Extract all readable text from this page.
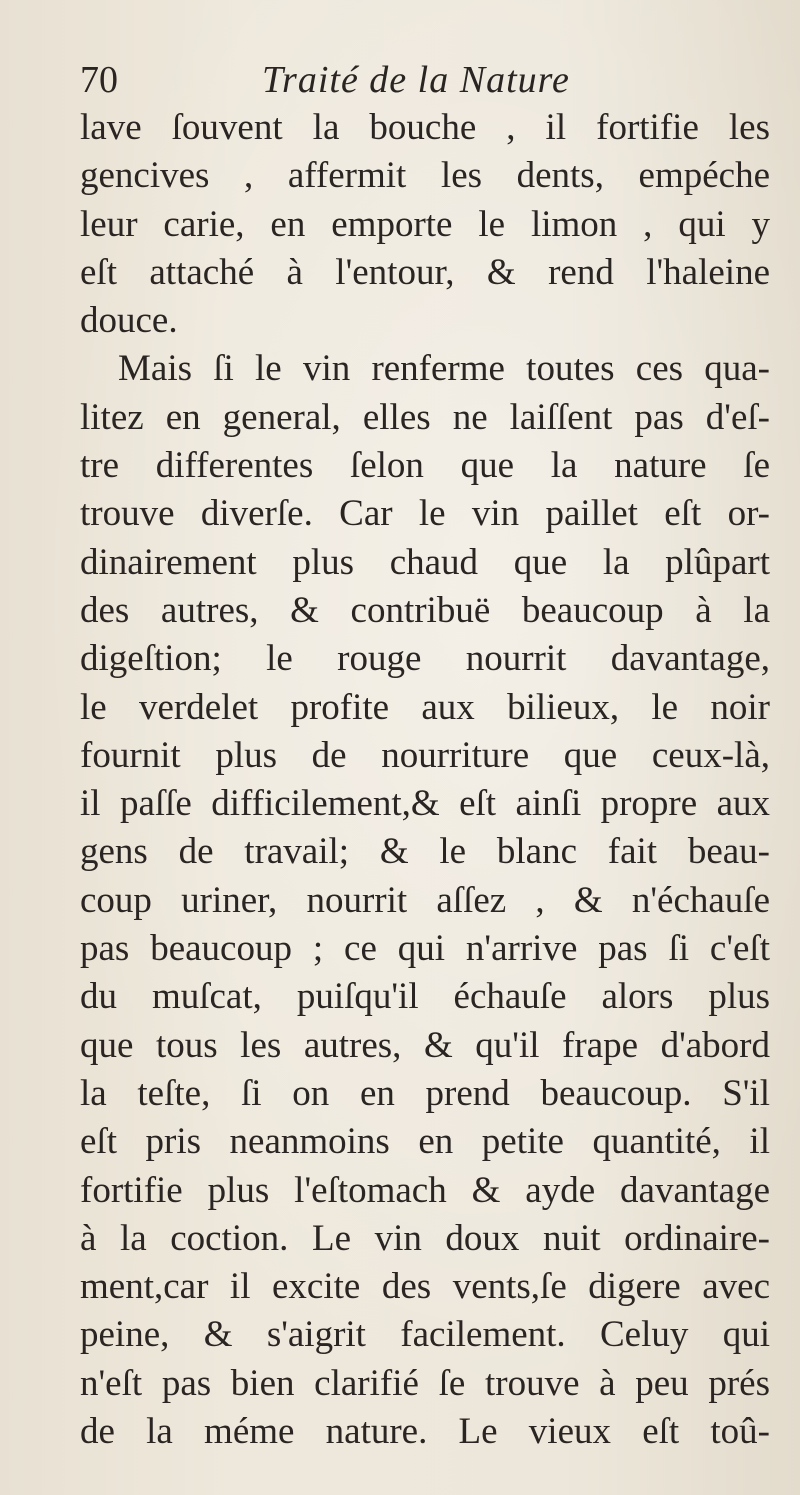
70	Traité de la Nature
lave ſouvent la bouche , il fortifie les
gencives , affermit les dents, empéche
leur carie, en emporte le limon , qui y
eſt attaché à l'entour, & rend l'haleine
douce.
Mais ſi le vin renferme toutes ces qua-
litez en general, elles ne laiſſent pas d'eſ-
tre differentes ſelon que la nature ſe
trouve diverſe. Car le vin paillet eſt or-
dinairement plus chaud que la plûpart
des autres, & contribuë beaucoup à la
digeſtion; le rouge nourrit davantage,
le verdelet profite aux bilieux, le noir
fournit plus de nourriture que ceux-là,
il paſſe difficilement,& eſt ainſi propre aux
gens de travail; & le blanc fait beau-
coup uriner, nourrit aſſez , & n'échauſe
pas beaucoup ; ce qui n'arrive pas ſi c'eſt
du muſcat, puiſqu'il échauſe alors plus
que tous les autres, & qu'il frape d'abord
la teſte, ſi on en prend beaucoup. S'il
eſt pris neanmoins en petite quantité, il
fortifie plus l'eſtomach & ayde davantage
à la coction. Le vin doux nuit ordinaire-
ment,car il excite des vents,ſe digere avec
peine, & s'aigrit facilement. Celuy qui
n'eſt pas bien clarifié ſe trouve à peu prés
de la méme nature. Le vieux eſt toû-
